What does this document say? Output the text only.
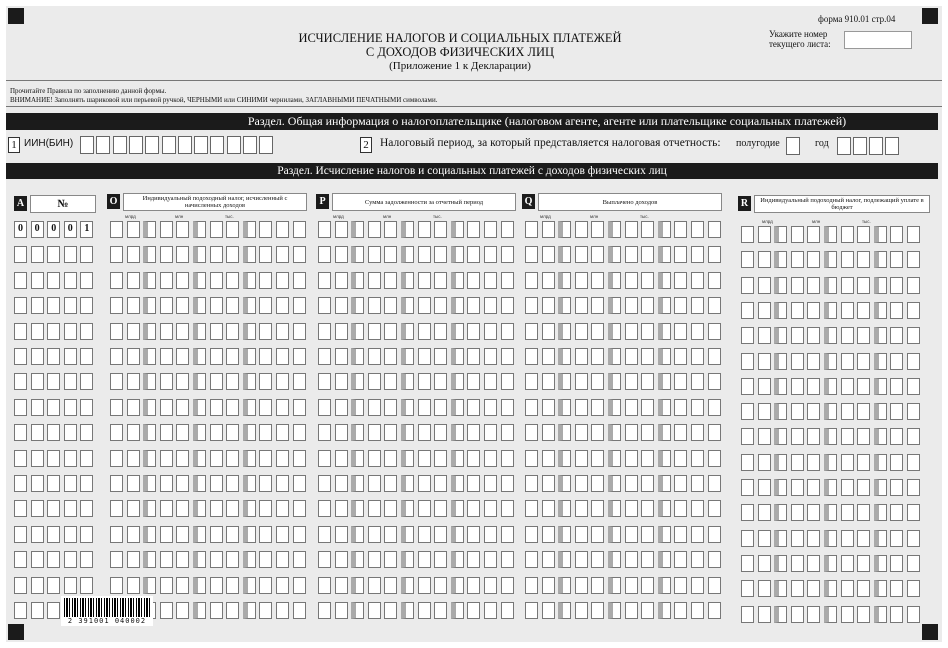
ИСЧИСЛЕНИЕ НАЛОГОВ И СОЦИАЛЬНЫХ ПЛАТЕЖЕЙ
С ДОХОДОВ ФИЗИЧЕСКИХ ЛИЦ
(Приложение 1 к Декларации)
форма 910.01 стр.04
Укажите номер
текущего листа:
Прочитайте Правила по заполнению данной формы.
ВНИМАНИЕ! Заполнять шариковой или перьевой ручкой, ЧЕРНЫМИ или СИНИМИ чернилами, ЗАГЛАВНЫМИ ПЕЧАТНЫМИ символами.
Раздел. Общая информация о налогоплательщике (налоговом агенте, агенте или плательщике социальных платежей)
1 ИИН(БИН)	2 Налоговый период, за который представляется налоговая отчетность: полугодие	год
Раздел. Исчисление налогов и социальных платежей с доходов физических лиц
A	№	O	Индивидуальный подоходный налог, исчисленный с начисленных доходов	P	Сумма задолженности за отчетный период	Q	Выплачено доходов	R	Индивидуальный подоходный налог, подлежащий уплате в бюджет
млрд	млн	тыс.	млрд	млн	тыс.	млрд	млн	тыс.
млрд	млн	тыс.
0	0	0	0	1
2 391001 040002
